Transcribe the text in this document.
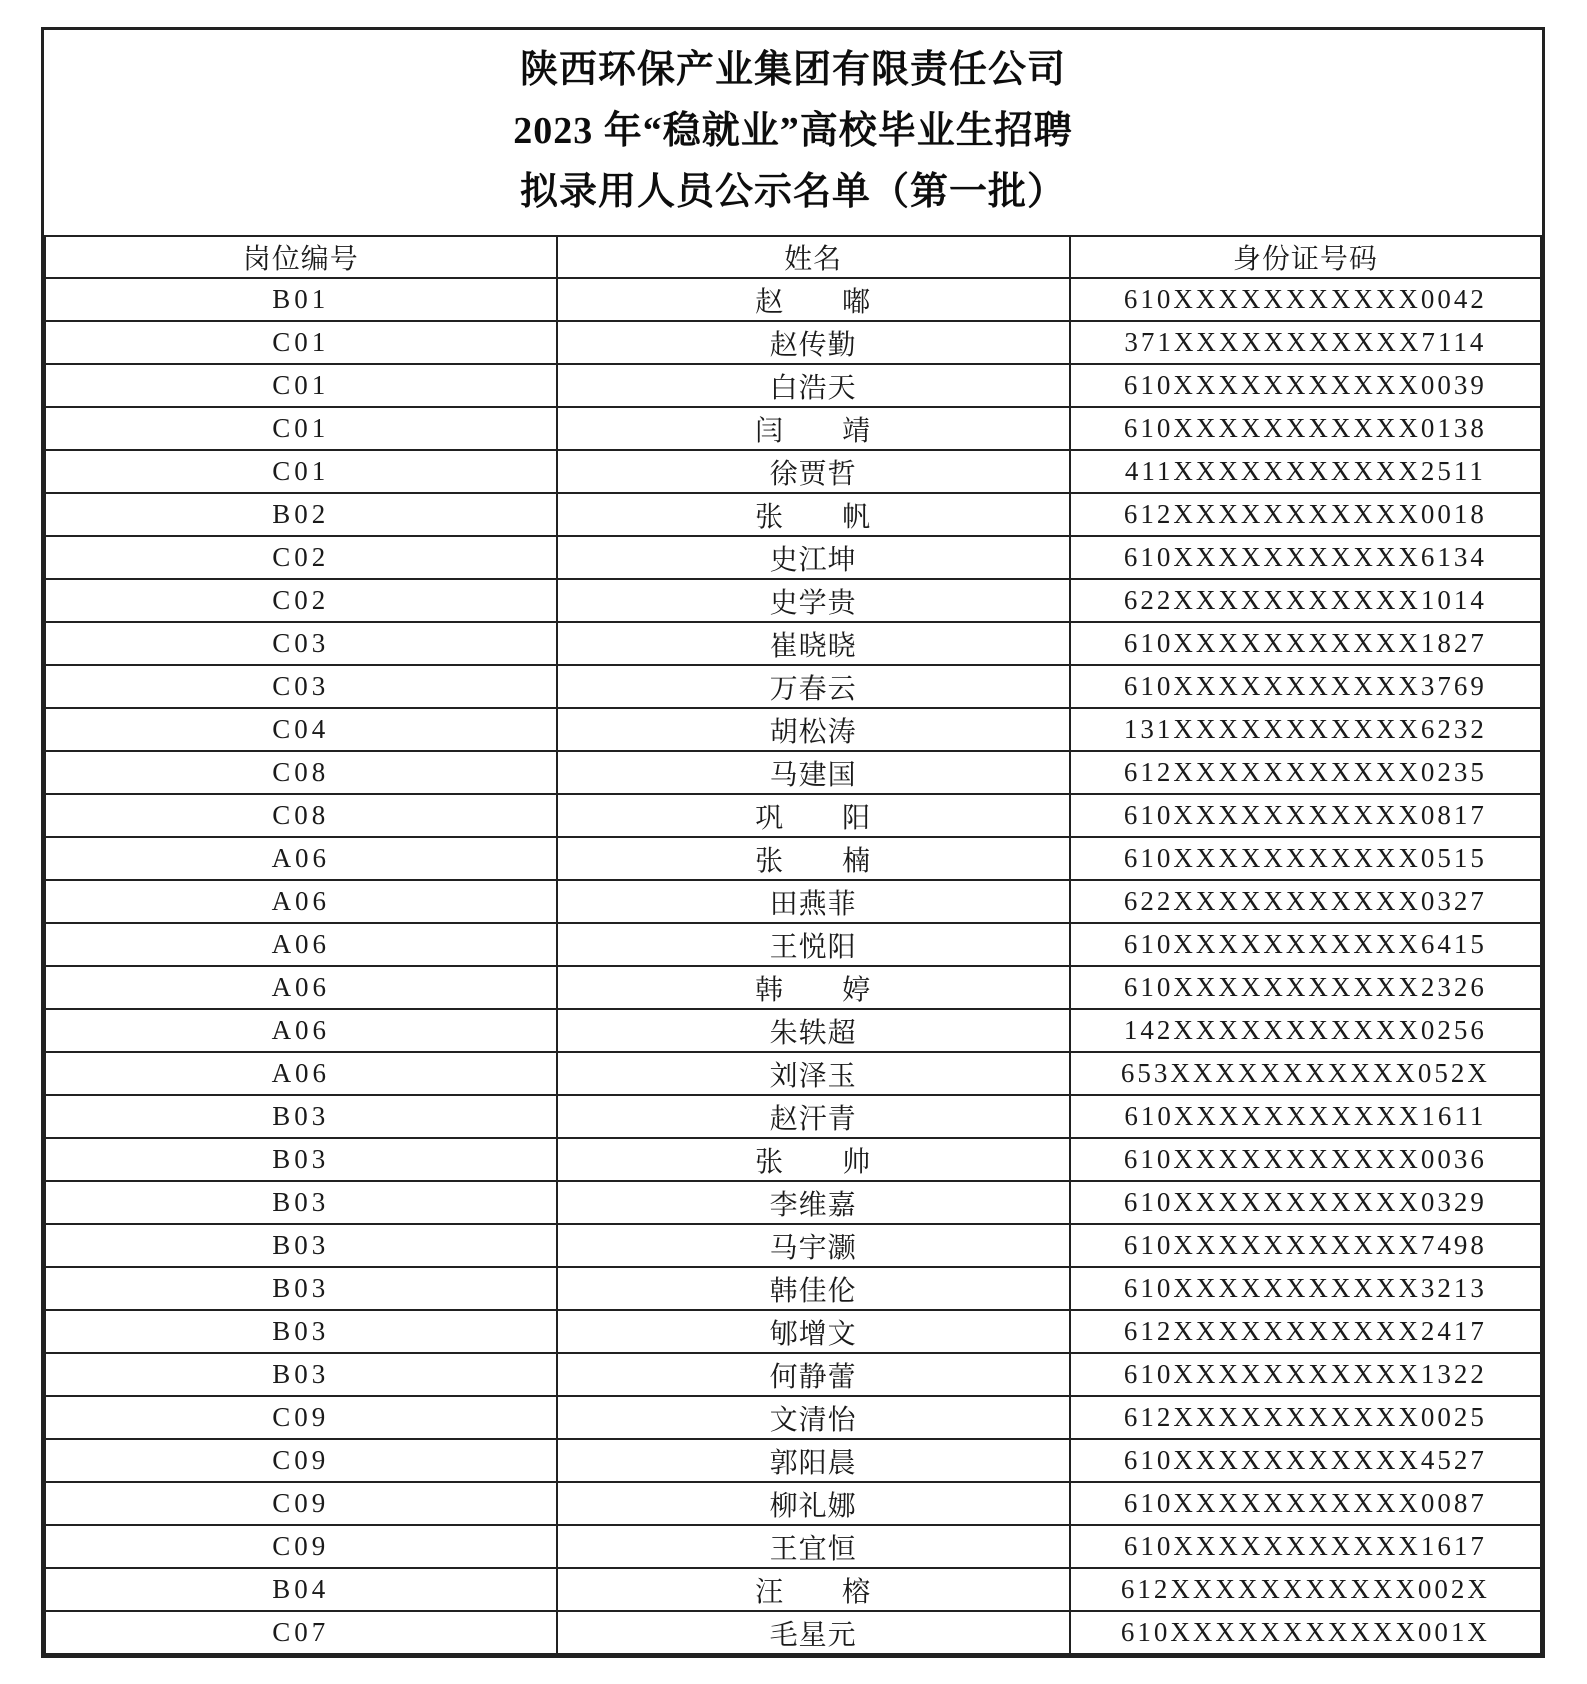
陕西环保产业集团有限责任公司
2023 年“稳就业”高校毕业生招聘
拟录用人员公示名单（第一批）
岗位编号	姓名	身份证号码
B01	赵　　嘟	610XXXXXXXXXXX0042
C01	赵传勤	371XXXXXXXXXXX7114
C01	白浩天	610XXXXXXXXXXX0039
C01	闫　　靖	610XXXXXXXXXXX0138
C01	徐贾哲	411XXXXXXXXXXX2511
B02	张　　帆	612XXXXXXXXXXX0018
C02	史江坤	610XXXXXXXXXXX6134
C02	史学贵	622XXXXXXXXXXX1014
C03	崔晓晓	610XXXXXXXXXXX1827
C03	万春云	610XXXXXXXXXXX3769
C04	胡松涛	131XXXXXXXXXXX6232
C08	马建国	612XXXXXXXXXXX0235
C08	巩　　阳	610XXXXXXXXXXX0817
A06	张　　楠	610XXXXXXXXXXX0515
A06	田燕菲	622XXXXXXXXXXX0327
A06	王悦阳	610XXXXXXXXXXX6415
A06	韩　　婷	610XXXXXXXXXXX2326
A06	朱轶超	142XXXXXXXXXXX0256
A06	刘泽玉	653XXXXXXXXXXX052X
B03	赵汗青	610XXXXXXXXXXX1611
B03	张　　帅	610XXXXXXXXXXX0036
B03	李维嘉	610XXXXXXXXXXX0329
B03	马宇灏	610XXXXXXXXXXX7498
B03	韩佳伦	610XXXXXXXXXXX3213
B03	郇增文	612XXXXXXXXXXX2417
B03	何静蕾	610XXXXXXXXXXX1322
C09	文清怡	612XXXXXXXXXXX0025
C09	郭阳晨	610XXXXXXXXXXX4527
C09	柳礼娜	610XXXXXXXXXXX0087
C09	王宜恒	610XXXXXXXXXXX1617
B04	汪　　榕	612XXXXXXXXXXX002X
C07	毛星元	610XXXXXXXXXXX001X
